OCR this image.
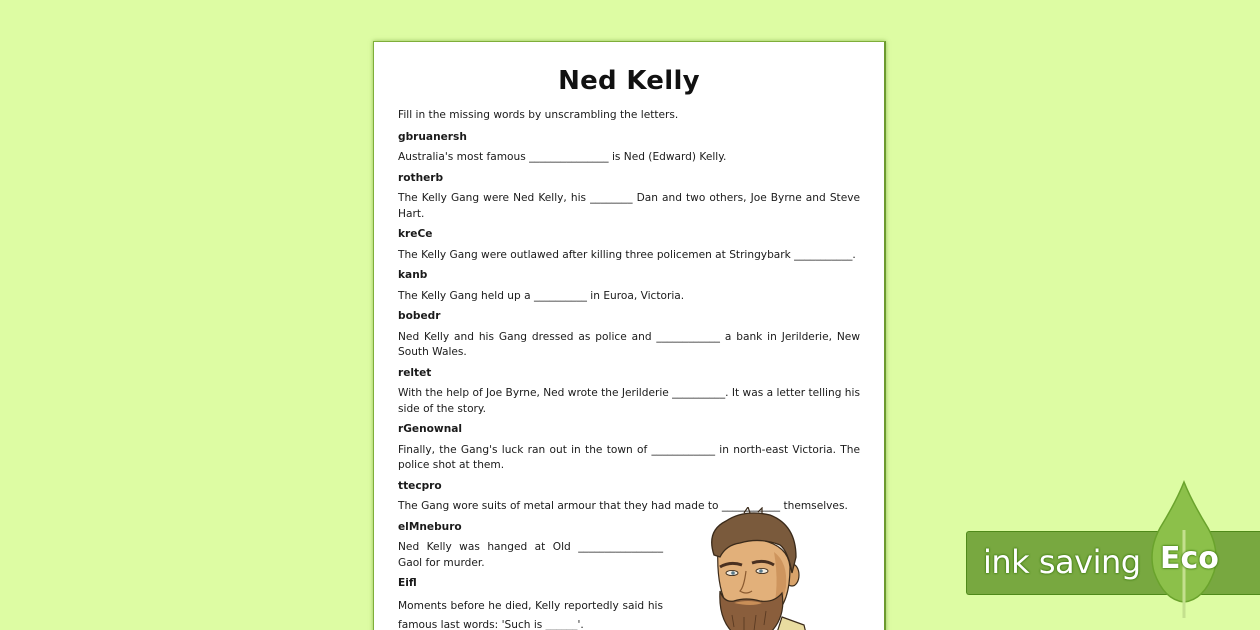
Ned Kelly
Fill in the missing words by unscrambling the letters.
gbruanersh
Australia's most famous _______________ is Ned (Edward) Kelly.
rotherb
The Kelly Gang were Ned Kelly, his ________ Dan and two others, Joe Byrne and Steve Hart.
kreCe
The Kelly Gang were outlawed after killing three policemen at Stringybark ___________.
kanb
The Kelly Gang held up a __________ in Euroa, Victoria.
bobedr
Ned Kelly and his Gang dressed as police and ____________ a bank in Jerilderie, New South Wales.
reltet
With the help of Joe Byrne, Ned wrote the Jerilderie __________. It was a letter telling his side of the story.
rGenownal
Finally, the Gang's luck ran out in the town of ____________ in north-east Victoria. The police shot at them.
ttecpro
The Gang wore suits of metal armour that they had made to ___________ themselves.
elMneburo
Ned Kelly was hanged at Old ________________ Gaol for murder.
Eifl
Moments before he died, Kelly reportedly said his famous last words: 'Such is ______'.
ink saving Eco
